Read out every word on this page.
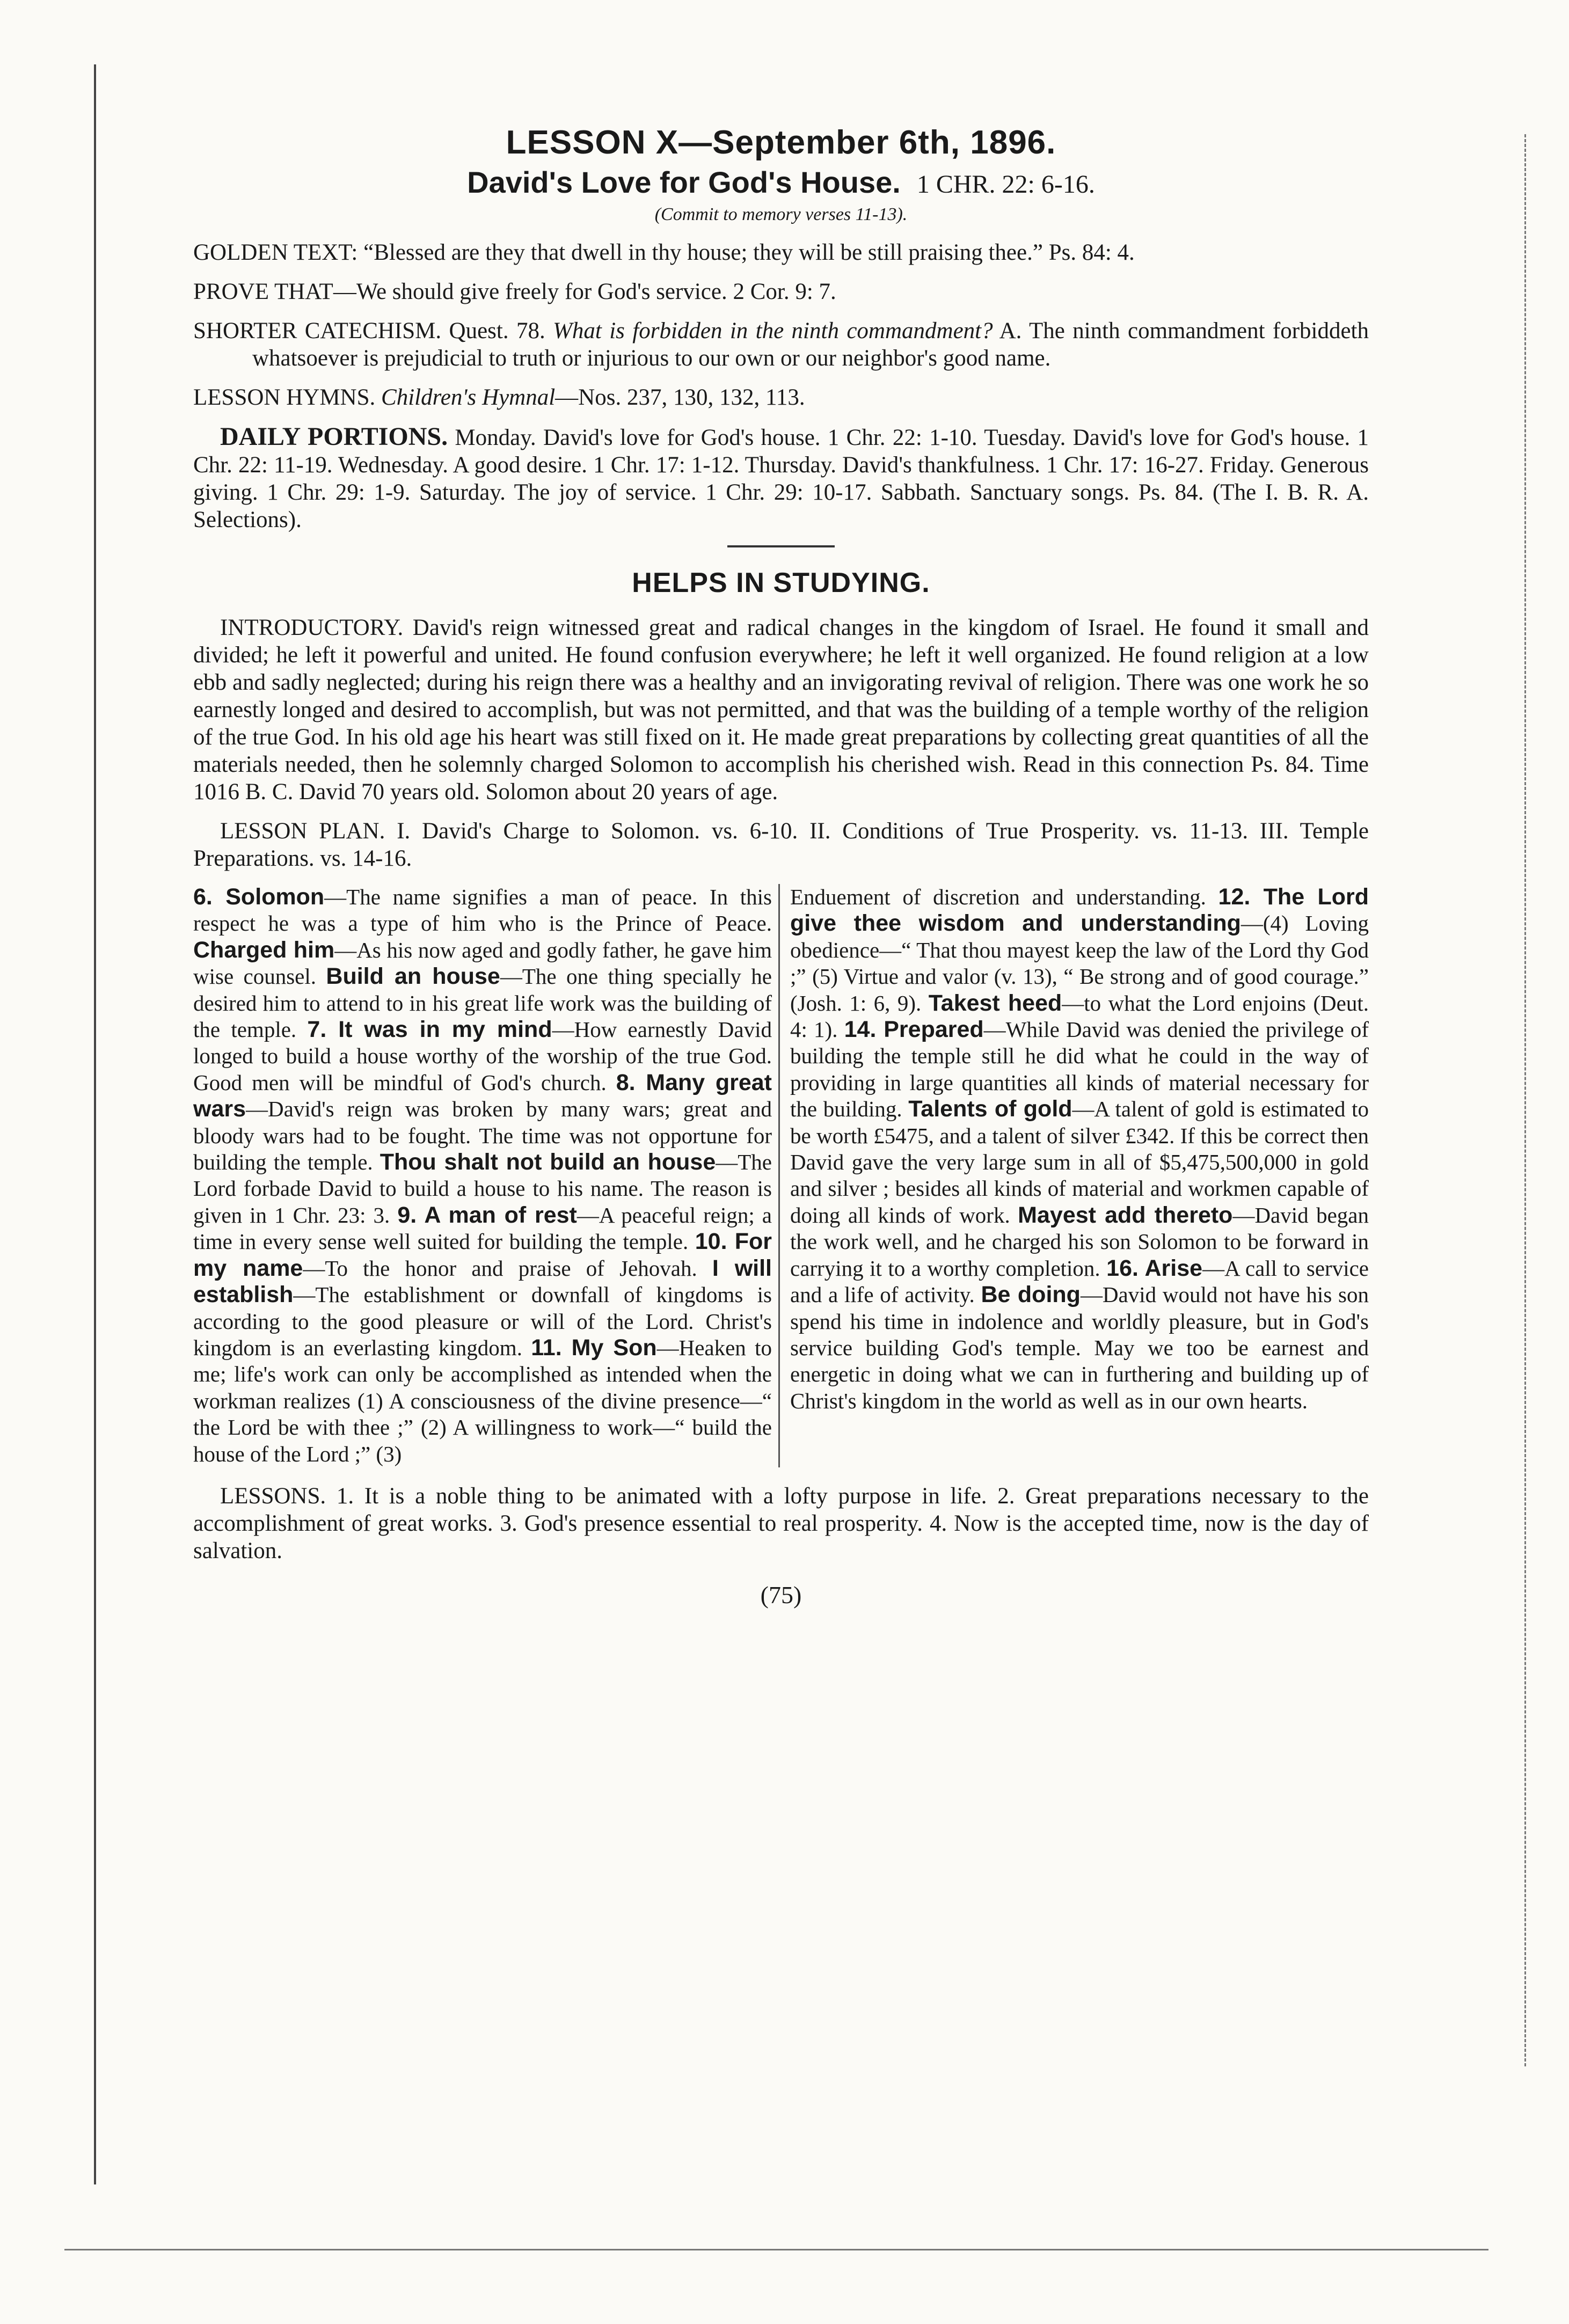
LESSON X—September 6th, 1896.
David's Love for God's House. 1 CHR. 22: 6-16.
(Commit to memory verses 11-13).

GOLDEN TEXT: “Blessed are they that dwell in thy house; they will be still praising thee.” Ps. 84: 4.

PROVE THAT—We should give freely for God's service. 2 Cor. 9: 7.

SHORTER CATECHISM. Quest. 78. What is forbidden in the ninth commandment? A. The ninth commandment forbiddeth whatsoever is prejudicial to truth or injurious to our own or our neighbor's good name.

LESSON HYMNS. Children's Hymnal—Nos. 237, 130, 132, 113.

DAILY PORTIONS. Monday. David's love for God's house. 1 Chr. 22: 1-10. Tuesday. David's love for God's house. 1 Chr. 22: 11-19. Wednesday. A good desire. 1 Chr. 17: 1-12. Thursday. David's thankfulness. 1 Chr. 17: 16-27. Friday. Generous giving. 1 Chr. 29: 1-9. Saturday. The joy of service. 1 Chr. 29: 10-17. Sabbath. Sanctuary songs. Ps. 84. (The I. B. R. A. Selections).

HELPS IN STUDYING.

INTRODUCTORY. David's reign witnessed great and radical changes in the kingdom of Israel. He found it small and divided; he left it powerful and united. He found confusion everywhere; he left it well organized. He found religion at a low ebb and sadly neglected; during his reign there was a healthy and an invigorating revival of religion. There was one work he so earnestly longed and desired to accomplish, but was not permitted, and that was the building of a temple worthy of the religion of the true God. In his old age his heart was still fixed on it. He made great preparations by collecting great quantities of all the materials needed, then he solemnly charged Solomon to accomplish his cherished wish. Read in this connection Ps. 84. Time 1016 B. C. David 70 years old. Solomon about 20 years of age.

LESSON PLAN. I. David's Charge to Solomon. vs. 6-10. II. Conditions of True Prosperity. vs. 11-13. III. Temple Preparations. vs. 14-16.

6. Solomon—The name signifies a man of peace. In this respect he was a type of him who is the Prince of Peace. Charged him—As his now aged and godly father, he gave him wise counsel. Build an house—The one thing specially he desired him to attend to in his great life work was the building of the temple. 7. It was in my mind—How earnestly David longed to build a house worthy of the worship of the true God. Good men will be mindful of God's church. 8. Many great wars—David's reign was broken by many wars; great and bloody wars had to be fought. The time was not opportune for building the temple. Thou shalt not build an house—The Lord forbade David to build a house to his name. The reason is given in 1 Chr. 23: 3. 9. A man of rest—A peaceful reign; a time in every sense well suited for building the temple. 10. For my name—To the honor and praise of Jehovah. I will establish—The establishment or downfall of kingdoms is according to the good pleasure or will of the Lord. Christ's kingdom is an everlasting kingdom. 11. My Son—Heaken to me; life's work can only be accomplished as intended when the workman realizes (1) A consciousness of the divine presence—“ the Lord be with thee ;” (2) A willingness to work—“ build the house of the Lord ;” (3)
Enduement of discretion and understanding. 12. The Lord give thee wisdom and understanding—(4) Loving obedience—“ That thou mayest keep the law of the Lord thy God ;” (5) Virtue and valor (v. 13), “ Be strong and of good courage.” (Josh. 1: 6, 9). Takest heed—to what the Lord enjoins (Deut. 4: 1). 14. Prepared—While David was denied the privilege of building the temple still he did what he could in the way of providing in large quantities all kinds of material necessary for the building. Talents of gold—A talent of gold is estimated to be worth £5475, and a talent of silver £342. If this be correct then David gave the very large sum in all of $5,475,500,000 in gold and silver ; besides all kinds of material and workmen capable of doing all kinds of work. Mayest add thereto—David began the work well, and he charged his son Solomon to be forward in carrying it to a worthy completion. 16. Arise—A call to service and a life of activity. Be doing—David would not have his son spend his time in indolence and worldly pleasure, but in God's service building God's temple. May we too be earnest and energetic in doing what we can in furthering and building up of Christ's kingdom in the world as well as in our own hearts.

LESSONS. 1. It is a noble thing to be animated with a lofty purpose in life. 2. Great preparations necessary to the accomplishment of great works. 3. God's presence essential to real prosperity. 4. Now is the accepted time, now is the day of salvation.

(75)
